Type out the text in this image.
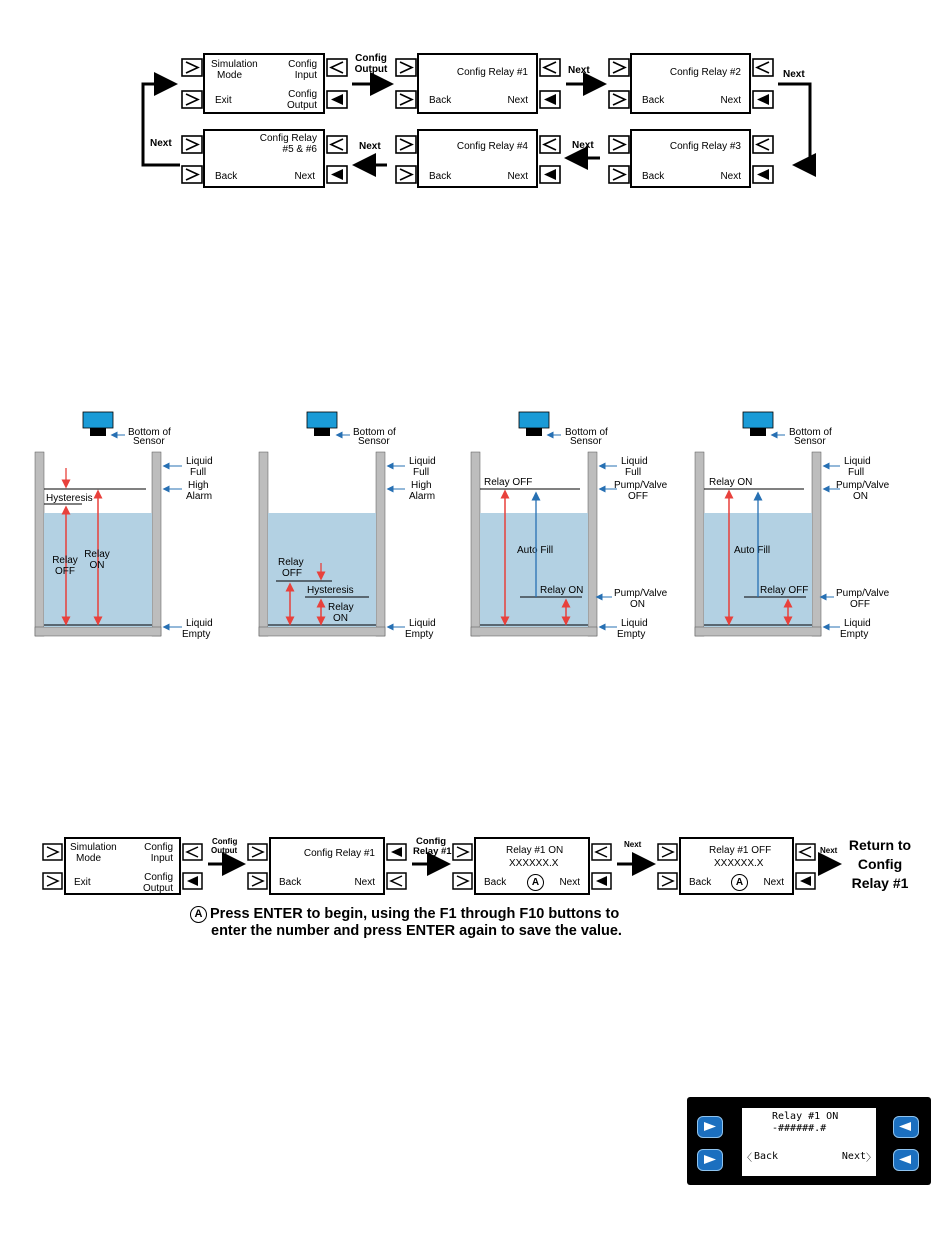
Config
Output	Next	Next
Next
Next
Next
Simulation
Mode
Config
Input
Exit
Config
Output
Config Relay #1
Back	Next
Config Relay #2
Back	Next
Config Relay
#5 & #6
Back	Next
Config Relay #4
Back	Next
Config Relay #3
Back	Next
Hysteresis
Relay
OFF
Relay
ON
Bottom of
Sensor
Liquid
Full
High
Alarm
Liquid
Empty
Relay
OFF
Hysteresis
Relay
ON
Bottom of
Sensor
Liquid
Full
High
Alarm
Liquid
Empty
Relay OFF
Auto Fill
Relay ON
Bottom of
Sensor
Liquid
Full
Pump/Valve
OFF
Pump/Valve
ON
Liquid
Empty
Relay ON
Auto Fill
Relay OFF
Bottom of
Sensor
Liquid
Full
Pump/Valve
ON
Pump/Valve
OFF
Liquid
Empty
Config
Output
Config
Relay #1
Next
Next
Simulation
Mode
Config
Input
Exit	Config
Output
Config Relay #1
Back	Next
Relay #1 ON
XXXXXX.X
Back	Next
A
Relay #1 OFF
XXXXXX.X
Back	Next
A
Return to
Config
Relay #1
A Press ENTER to begin, using the F1 through F10 buttons to
enter the number and press ENTER again to save the value.
Relay #1 ON
-######.#
〈 Back	Next 〉
